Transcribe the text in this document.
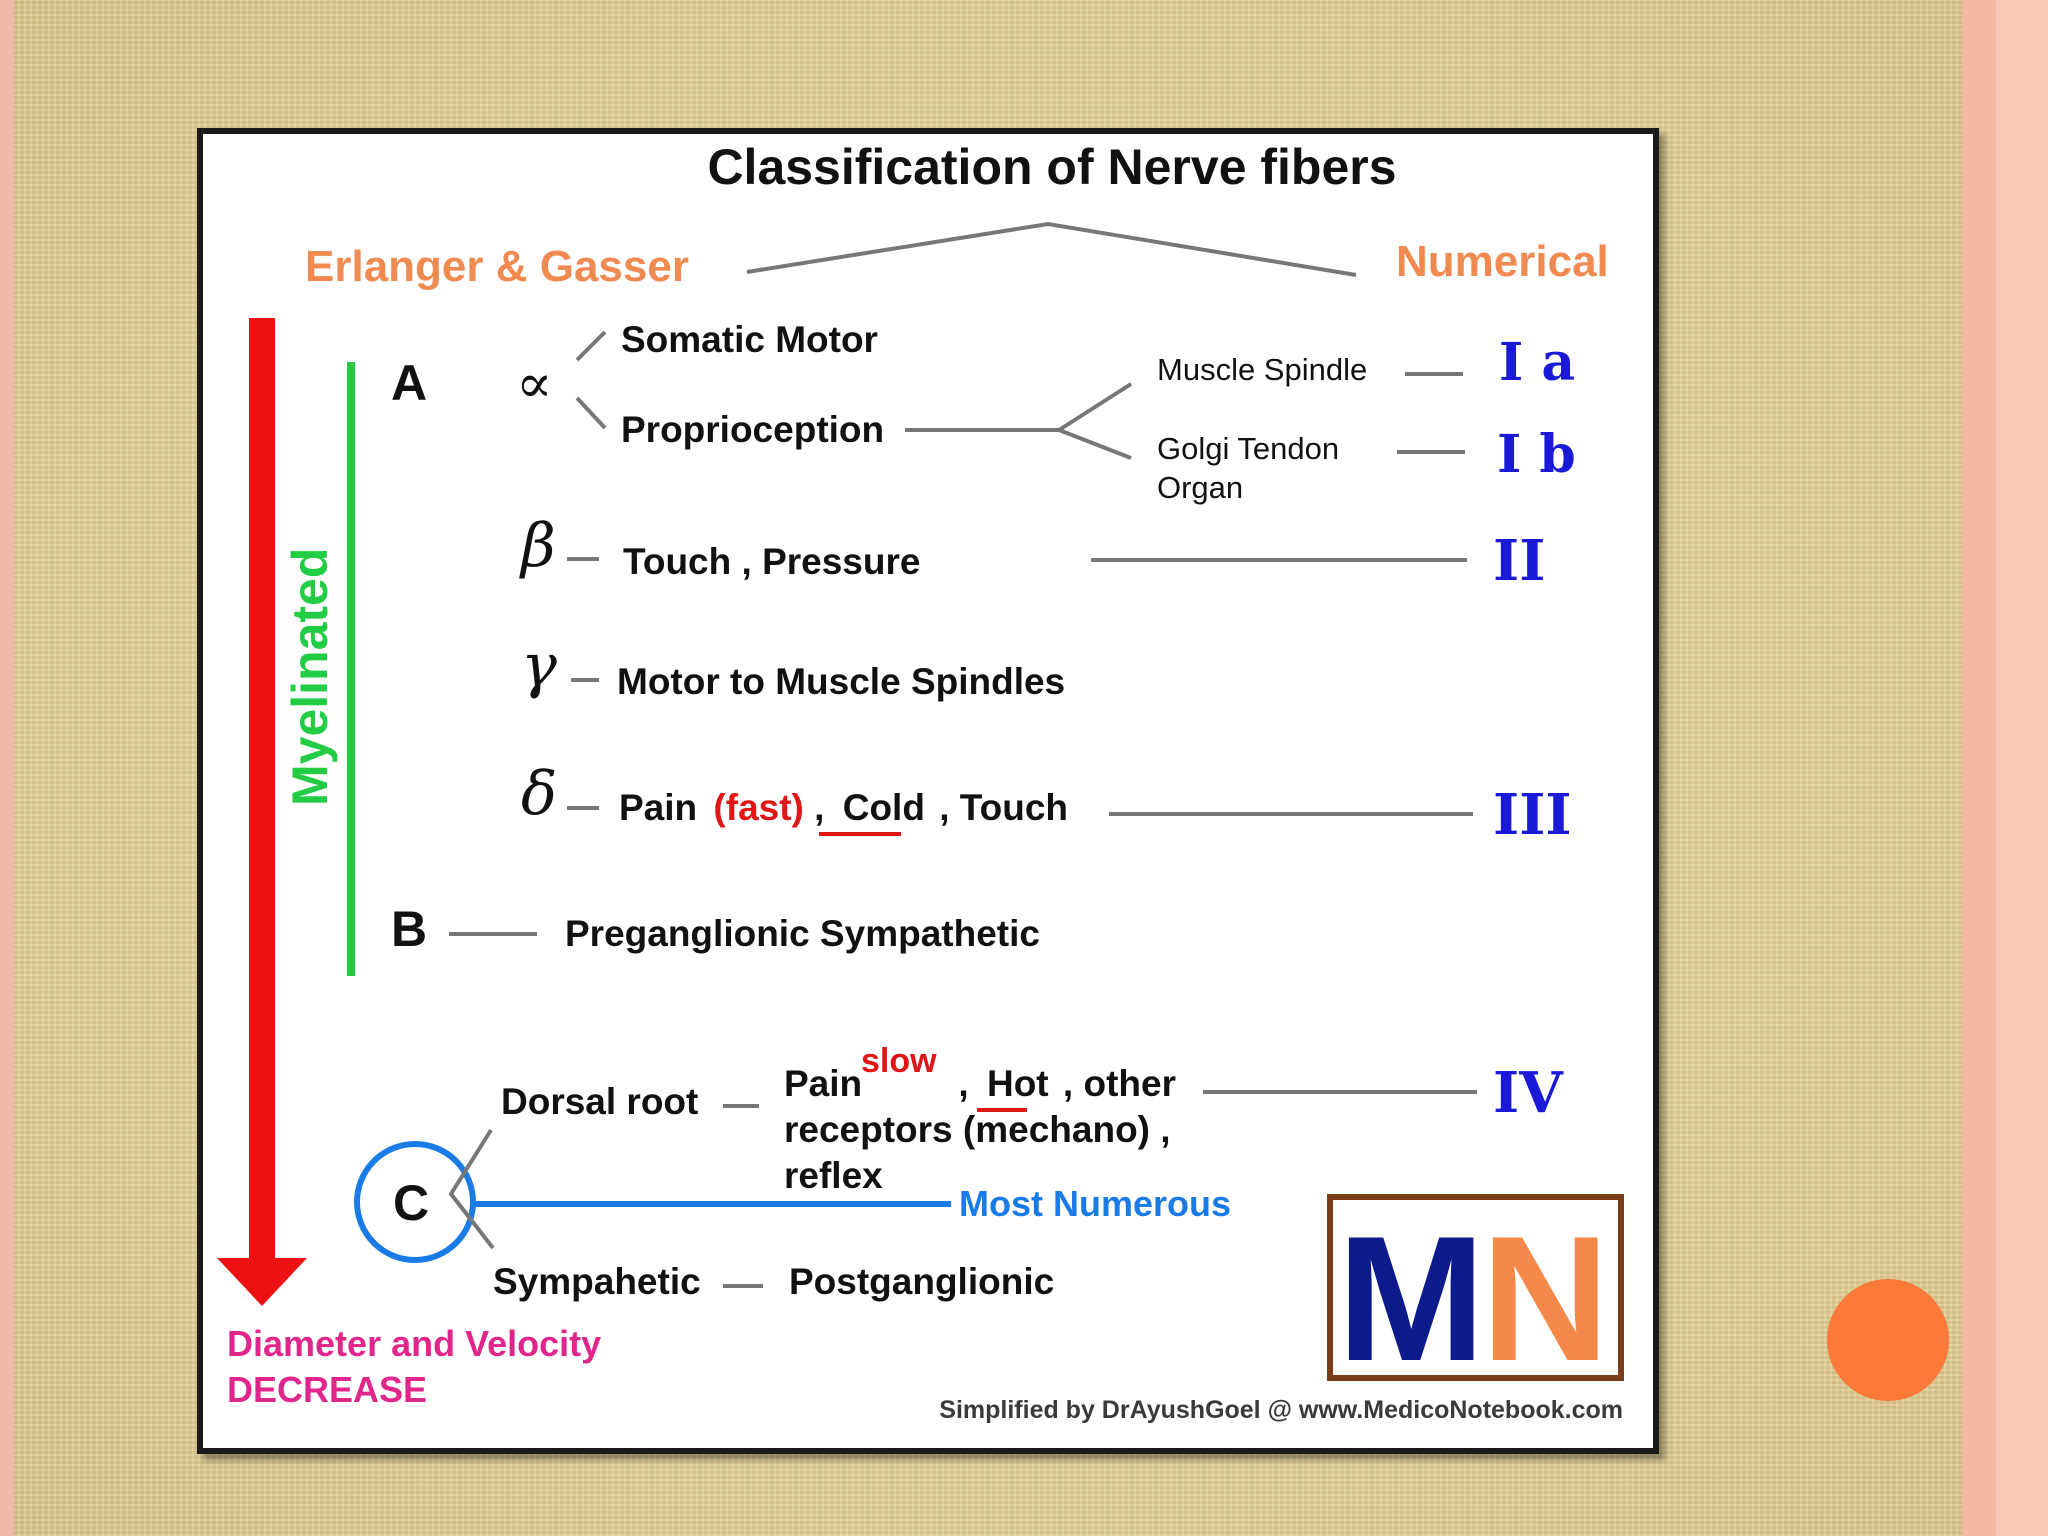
Classification of Nerve fibers
Erlanger & Gasser	Numerical
Myelinated
A ∝
Somatic Motor
Proprioception
Muscle Spindle	I a
Golgi Tendon
Organ
I b
β Touch , Pressure	II
γ Motor to Muscle Spindles
δ Pain (fast) , Cold , Touch	III
B	Preganglionic Sympathetic
C	Most Numerous
Dorsal root
slow
Pain	, Hot , other
receptors (mechano) ,
reflex
IV
Sympahetic Postganglionic
Diameter and Velocity
DECREASE	Simplified by DrAyushGoel @ www.MedicoNotebook.com
M
N
